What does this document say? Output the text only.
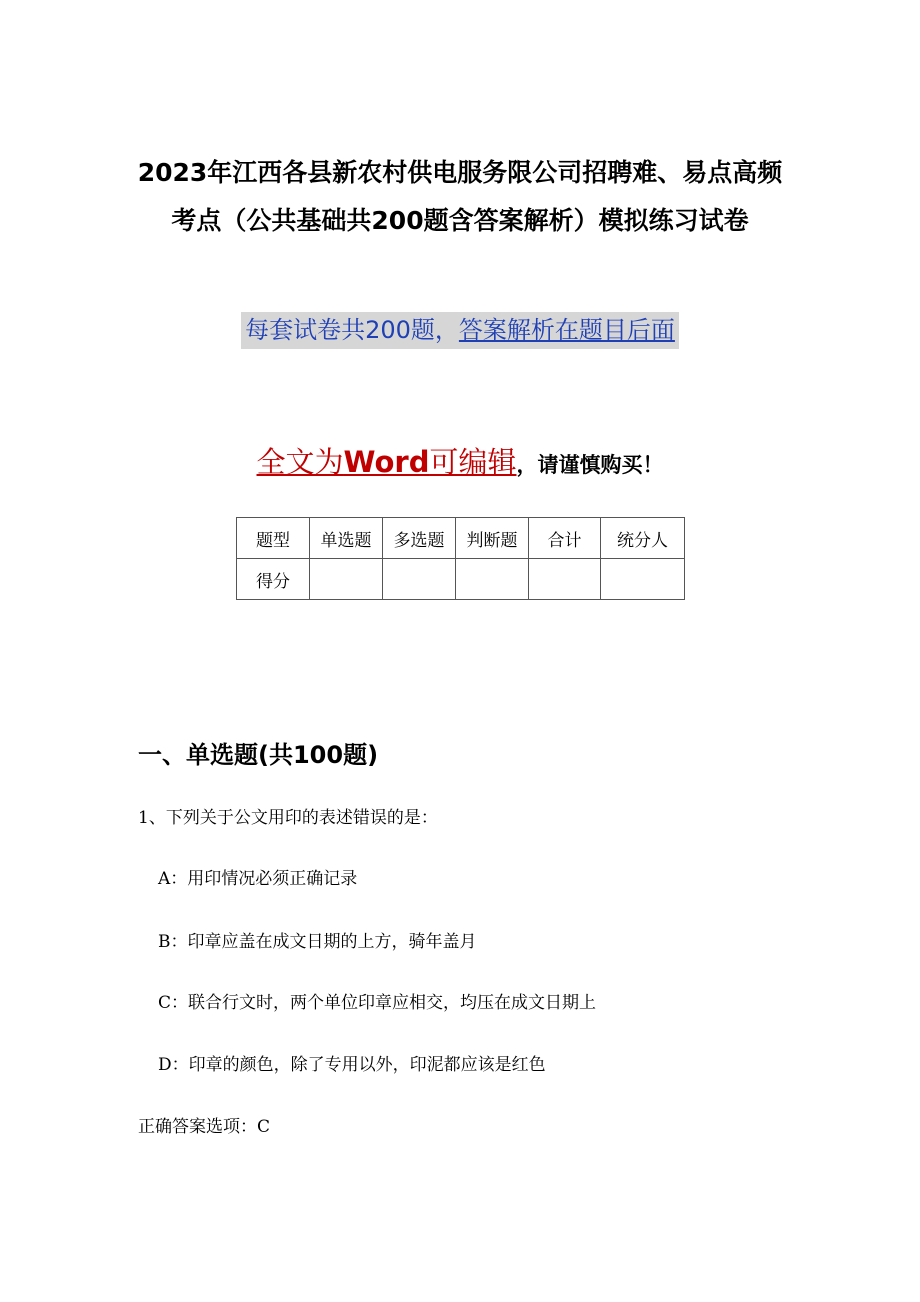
2023年江西各县新农村供电服务限公司招聘难、易点高频
考点（公共基础共200题含答案解析）模拟练习试卷
每套试卷共200题，答案解析在题目后面
全文为Word可编辑，请谨慎购买！
题型	单选题	多选题	判断题	合计	统分人
得分					
一、单选题(共100题)

1、下列关于公文用印的表述错误的是：

A：用印情况必须正确记录

B：印章应盖在成文日期的上方，骑年盖月

C：联合行文时，两个单位印章应相交，均压在成文日期上

D：印章的颜色，除了专用以外，印泥都应该是红色

正确答案选项：C
